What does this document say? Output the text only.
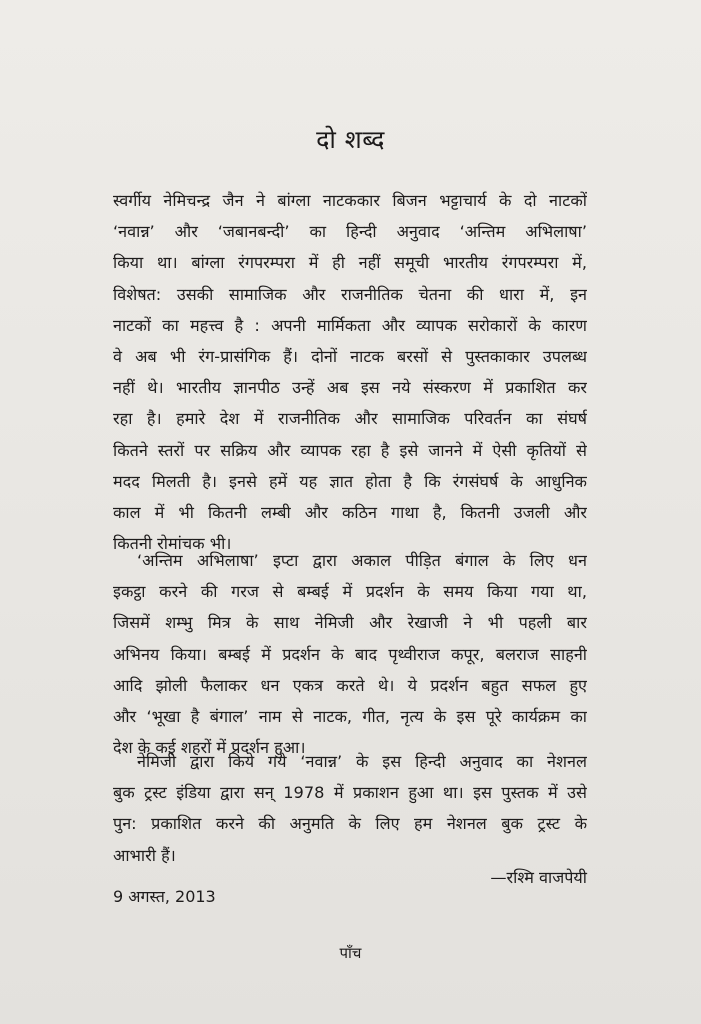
दो शब्द
स्वर्गीय नेमिचन्द्र जैन ने बांग्ला नाटककार बिजन भट्टाचार्य के दो नाटकों
‘नवान्न’ और ‘जबानबन्दी’ का हिन्दी अनुवाद ‘अन्तिम अभिलाषा’
किया था। बांग्ला रंगपरम्परा में ही नहीं समूची भारतीय रंगपरम्परा में,
विशेषत: उसकी सामाजिक और राजनीतिक चेतना की धारा में, इन
नाटकों का महत्त्व है : अपनी मार्मिकता और व्यापक सरोकारों के कारण
वे अब भी रंग-प्रासंगिक हैं। दोनों नाटक बरसों से पुस्तकाकार उपलब्ध
नहीं थे। भारतीय ज्ञानपीठ उन्हें अब इस नये संस्करण में प्रकाशित कर
रहा है। हमारे देश में राजनीतिक और सामाजिक परिवर्तन का संघर्ष
कितने स्तरों पर सक्रिय और व्यापक रहा है इसे जानने में ऐसी कृतियों से
मदद मिलती है। इनसे हमें यह ज्ञात होता है कि रंगसंघर्ष के आधुनिक
काल में भी कितनी लम्बी और कठिन गाथा है, कितनी उजली और
कितनी रोमांचक भी।
‘अन्तिम अभिलाषा’ इप्टा द्वारा अकाल पीड़ित बंगाल के लिए धन
इकट्ठा करने की गरज से बम्बई में प्रदर्शन के समय किया गया था,
जिसमें शम्भु मित्र के साथ नेमिजी और रेखाजी ने भी पहली बार
अभिनय किया। बम्बई में प्रदर्शन के बाद पृथ्वीराज कपूर, बलराज साहनी
आदि झोली फैलाकर धन एकत्र करते थे। ये प्रदर्शन बहुत सफल हुए
और ‘भूखा है बंगाल’ नाम से नाटक, गीत, नृत्य के इस पूरे कार्यक्रम का
देश के कई शहरों में प्रदर्शन हुआ।
नेमिजी द्वारा किये गये ‘नवान्न’ के इस हिन्दी अनुवाद का नेशनल
बुक ट्रस्ट इंडिया द्वारा सन् 1978 में प्रकाशन हुआ था। इस पुस्तक में उसे
पुन: प्रकाशित करने की अनुमति के लिए हम नेशनल बुक ट्रस्ट के
आभारी हैं।
—रश्मि वाजपेयी
9 अगस्त, 2013
पाँच
